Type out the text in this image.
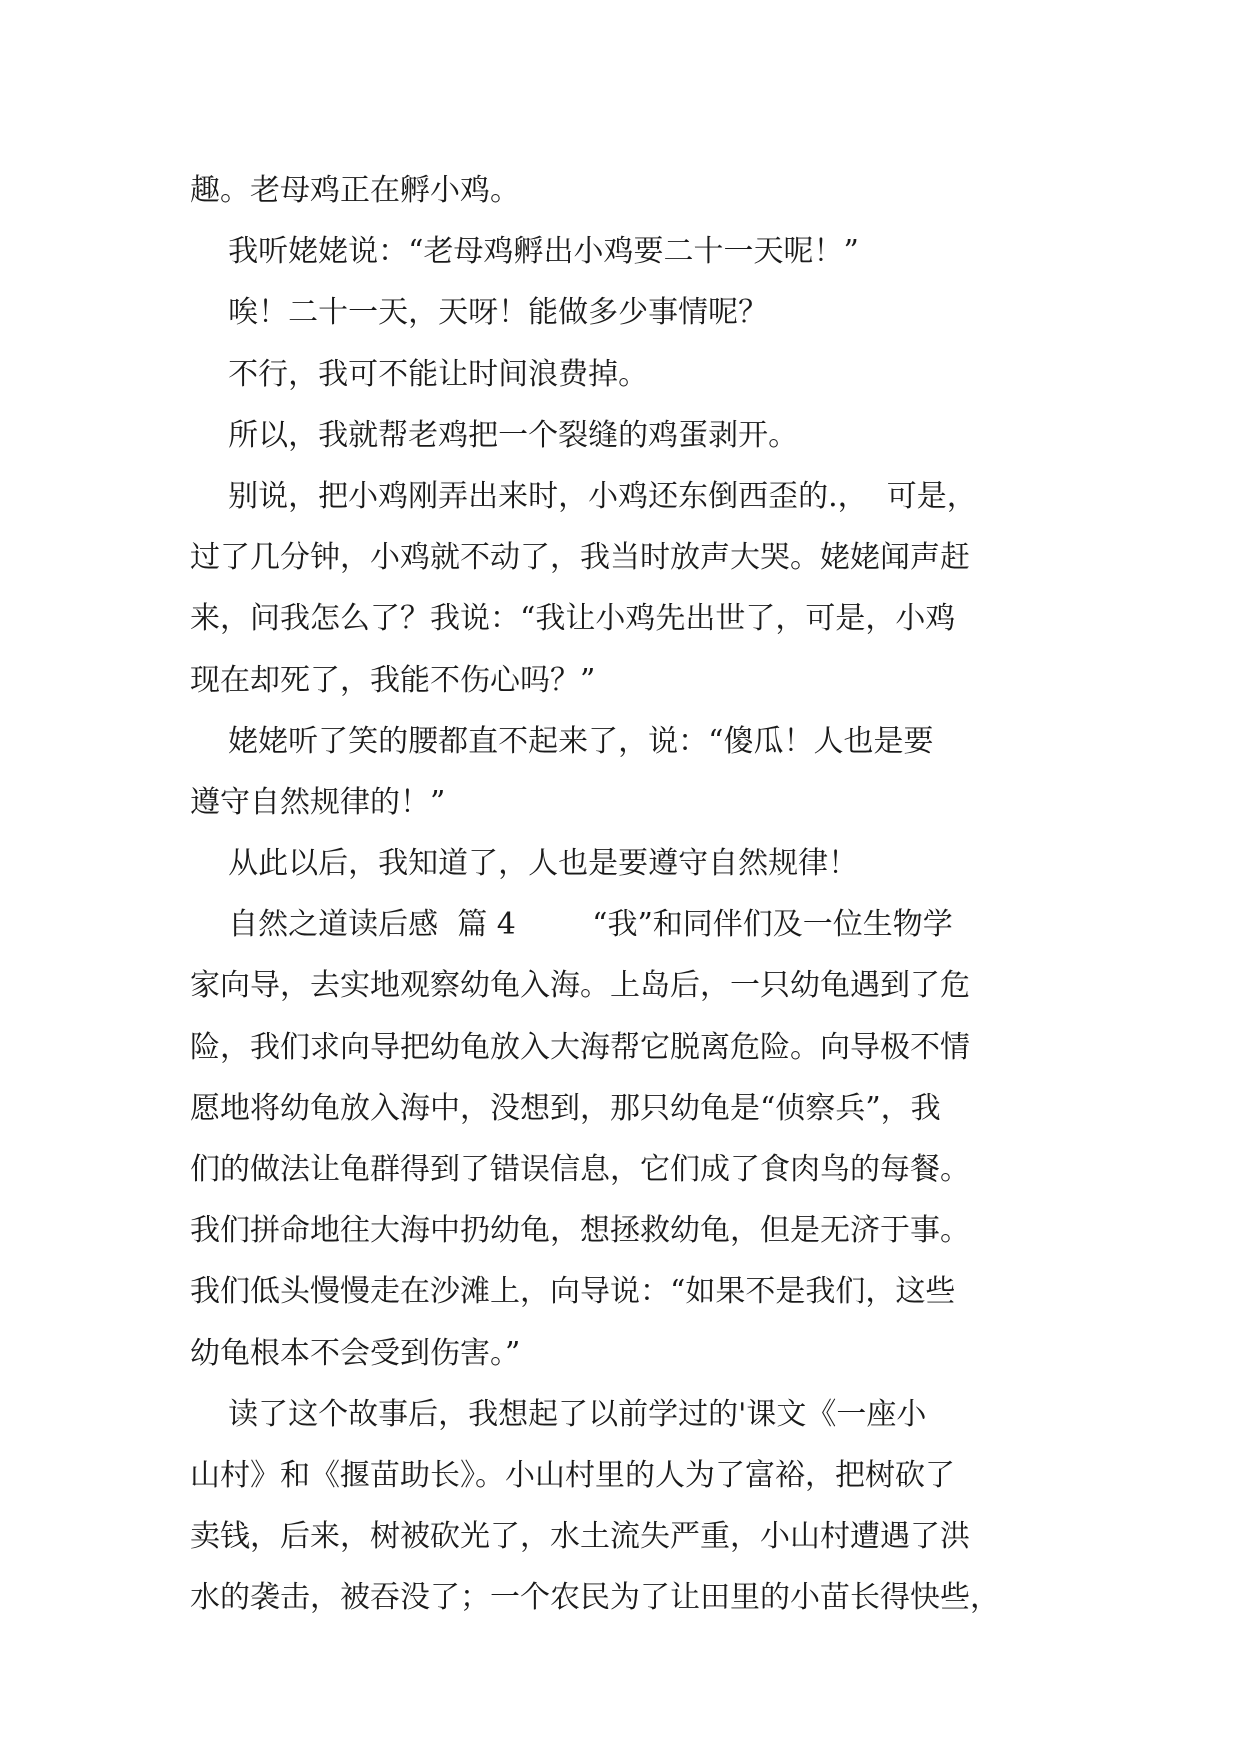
趣。老母鸡正在孵小鸡。
我听姥姥说：“老母鸡孵出小鸡要二十一天呢！”
唉！二十一天，天呀！能做多少事情呢？
不行，我可不能让时间浪费掉。
所以，我就帮老鸡把一个裂缝的鸡蛋剥开。
别说，把小鸡刚弄出来时，小鸡还东倒西歪的.，  可是，
过了几分钟，小鸡就不动了，我当时放声大哭。姥姥闻声赶
来，问我怎么了？我说：“我让小鸡先出世了，可是，小鸡
现在却死了，我能不伤心吗？”
姥姥听了笑的腰都直不起来了，说：“傻瓜！人也是要
遵守自然规律的！”
从此以后，我知道了，人也是要遵守自然规律！
自然之道读后感  篇 4        “我”和同伴们及一位生物学
家向导，去实地观察幼龟入海。上岛后，一只幼龟遇到了危
险，我们求向导把幼龟放入大海帮它脱离危险。向导极不情
愿地将幼龟放入海中，没想到，那只幼龟是“侦察兵”，我
们的做法让龟群得到了错误信息，它们成了食肉鸟的每餐。
我们拼命地往大海中扔幼龟，想拯救幼龟，但是无济于事。
我们低头慢慢走在沙滩上，向导说：“如果不是我们，这些
幼龟根本不会受到伤害。”
读了这个故事后，我想起了以前学过的'课文《一座小
山村》和《揠苗助长》。小山村里的人为了富裕，把树砍了
卖钱，后来，树被砍光了，水土流失严重，小山村遭遇了洪
水的袭击，被吞没了；一个农民为了让田里的小苗长得快些，
